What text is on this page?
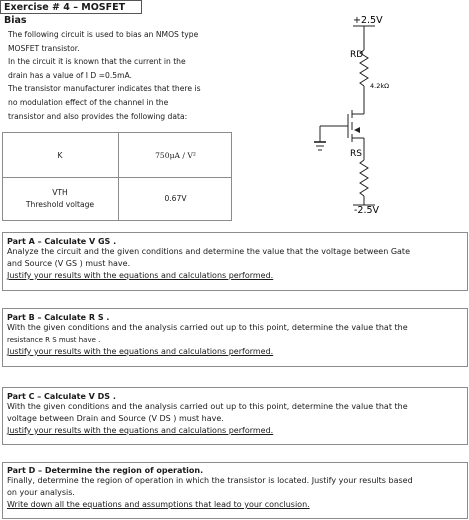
Exercise # 4 – MOSFET Bias
The following circuit is used to bias an NMOS type
MOSFET transistor.
In the circuit it is known that the current in the
drain has a value of I D =0.5mA.
The transistor manufacturer indicates that there is
no modulation effect of the channel in the
transistor and also provides the following data:
K	750μA / V²
VTH
Threshold voltage
0.67V
+2.5V
RD
4.2kΩ
RS
-2.5V
Part A – Calculate V GS .
Analyze the circuit and the given conditions and determine the value that the voltage between Gate
and Source (V GS ) must have.
Justify your results with the equations and calculations performed.
Part B – Calculate R S .
With the given conditions and the analysis carried out up to this point, determine the value that the
resistance R S must have .
Justify your results with the equations and calculations performed.
Part C – Calculate V DS .
With the given conditions and the analysis carried out up to this point, determine the value that the
voltage between Drain and Source (V DS ) must have.
Justify your results with the equations and calculations performed.
Part D – Determine the region of operation.
Finally, determine the region of operation in which the transistor is located. Justify your results based
on your analysis.
Write down all the equations and assumptions that lead to your conclusion.
